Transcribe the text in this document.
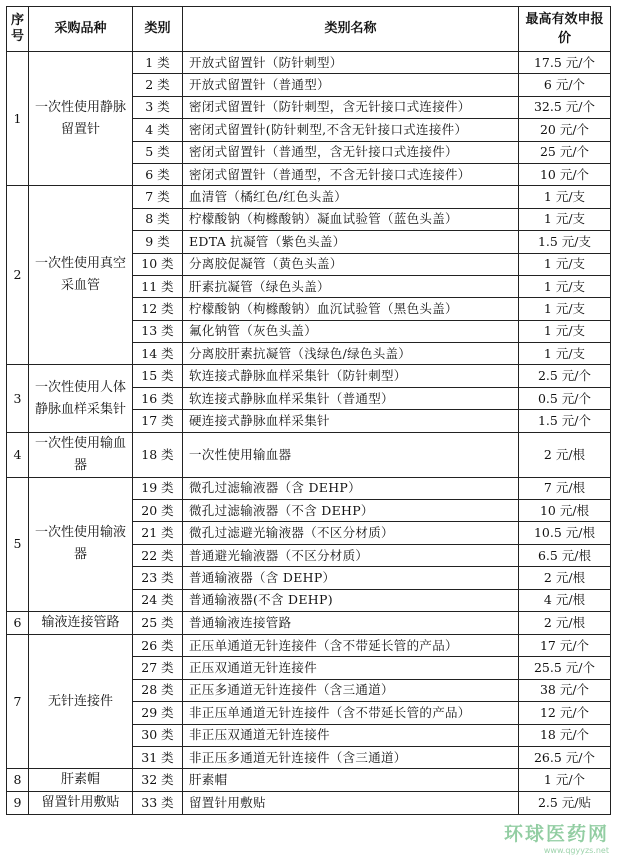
序号	采购品种	类别	类别名称	最高有效申报价
1	一次性使用静脉留置针	1 类	开放式留置针（防针刺型）	17.5 元/个
		2 类	开放式留置针（普通型）	6 元/个
		3 类	密闭式留置针（防针刺型，含无针接口式连接件）	32.5 元/个
		4 类	密闭式留置针(防针刺型,不含无针接口式连接件）	20 元/个
		5 类	密闭式留置针（普通型，含无针接口式连接件）	25 元/个
		6 类	密闭式留置针（普通型，不含无针接口式连接件）	10 元/个
2	一次性使用真空采血管	7 类	血清管（橘红色/红色头盖）	1 元/支
		8 类	柠檬酸钠（枸橼酸钠）凝血试验管（蓝色头盖）	1 元/支
		9 类	EDTA 抗凝管（紫色头盖）	1.5 元/支
		10 类	分离胶促凝管（黄色头盖）	1 元/支
		11 类	肝素抗凝管（绿色头盖）	1 元/支
		12 类	柠檬酸钠（枸橼酸钠）血沉试验管（黑色头盖）	1 元/支
		13 类	氟化钠管（灰色头盖）	1 元/支
		14 类	分离胶肝素抗凝管（浅绿色/绿色头盖）	1 元/支
3	一次性使用人体静脉血样采集针	15 类	软连接式静脉血样采集针（防针刺型）	2.5 元/个
		16 类	软连接式静脉血样采集针（普通型）	0.5 元/个
		17 类	硬连接式静脉血样采集针	1.5 元/个
4	一次性使用输血器	18 类	一次性使用输血器	2 元/根
5	一次性使用输液器	19 类	微孔过滤输液器（含 DEHP）	7 元/根
		20 类	微孔过滤输液器（不含 DEHP）	10 元/根
		21 类	微孔过滤避光输液器（不区分材质）	10.5 元/根
		22 类	普通避光输液器（不区分材质）	6.5 元/根
		23 类	普通输液器（含 DEHP）	2 元/根
		24 类	普通输液器(不含 DEHP)	4 元/根
6	输液连接管路	25 类	普通输液连接管路	2 元/根
7	无针连接件	26 类	正压单通道无针连接件（含不带延长管的产品）	17 元/个
		27 类	正压双通道无针连接件	25.5 元/个
		28 类	正压多通道无针连接件（含三通道）	38 元/个
		29 类	非正压单通道无针连接件（含不带延长管的产品）	12 元/个
		30 类	非正压双通道无针连接件	18 元/个
		31 类	非正压多通道无针连接件（含三通道）	26.5 元/个
8	肝素帽	32 类	肝素帽	1 元/个
9	留置针用敷贴	33 类	留置针用敷贴	2.5 元/贴
环球医药网
www.qgyyzs.net
